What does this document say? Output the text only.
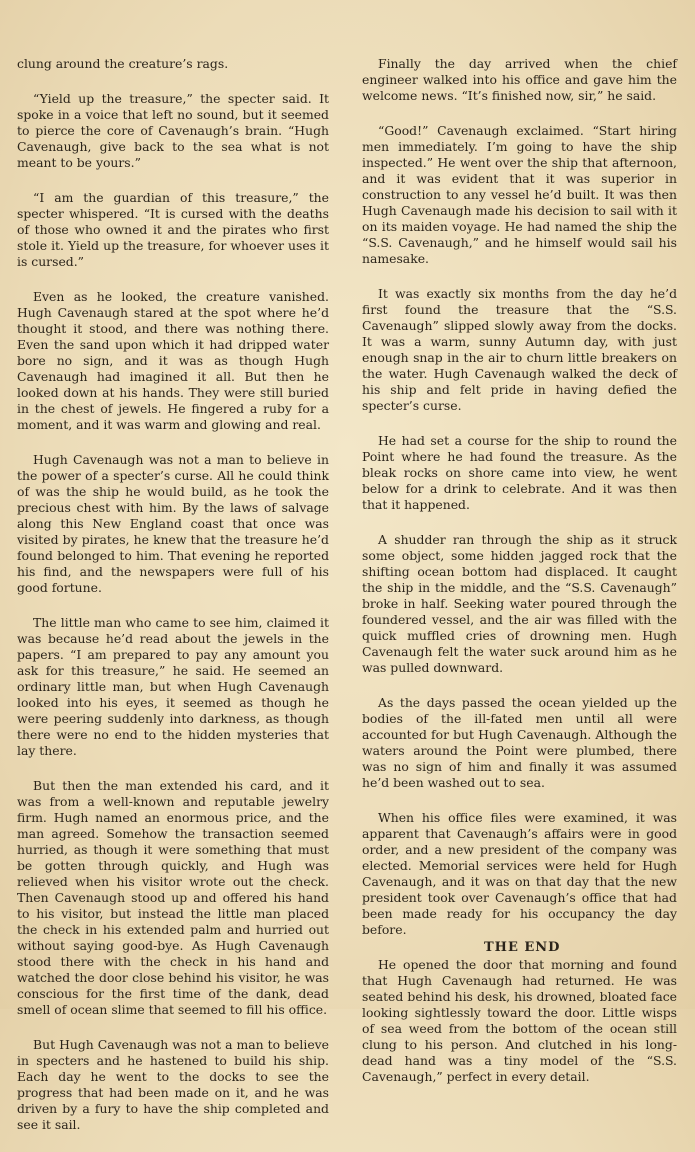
clung around the creature’s rags.

“Yield up the treasure,” the specter said. It spoke in a voice that left no sound, but it seemed to pierce the core of Cavenaugh’s brain. “Hugh Cavenaugh, give back to the sea what is not meant to be yours.”

“I am the guardian of this treasure,” the specter whispered. “It is cursed with the deaths of those who owned it and the pirates who first stole it. Yield up the treasure, for whoever uses it is cursed.”

Even as he looked, the creature vanished. Hugh Cavenaugh stared at the spot where he’d thought it stood, and there was nothing there. Even the sand upon which it had dripped water bore no sign, and it was as though Hugh Cavenaugh had imagined it all. But then he looked down at his hands. They were still buried in the chest of jewels. He fingered a ruby for a moment, and it was warm and glowing and real.

Hugh Cavenaugh was not a man to believe in the power of a specter’s curse. All he could think of was the ship he would build, as he took the precious chest with him. By the laws of salvage along this New England coast that once was visited by pirates, he knew that the treasure he’d found belonged to him. That evening he reported his find, and the newspapers were full of his good fortune.

The little man who came to see him, claimed it was because he’d read about the jewels in the papers. “I am prepared to pay any amount you ask for this treasure,” he said. He seemed an ordinary little man, but when Hugh Cavenaugh looked into his eyes, it seemed as though he were peering suddenly into darkness, as though there were no end to the hidden mysteries that lay there.

But then the man extended his card, and it was from a well-known and reputable jewelry firm. Hugh named an enormous price, and the man agreed. Somehow the transaction seemed hurried, as though it were something that must be gotten through quickly, and Hugh was relieved when his visitor wrote out the check. Then Cavenaugh stood up and offered his hand to his visitor, but instead the little man placed the check in his extended palm and hurried out without saying good-bye. As Hugh Cavenaugh stood there with the check in his hand and watched the door close behind his visitor, he was conscious for the first time of the dank, dead smell of ocean slime that seemed to fill his office.

But Hugh Cavenaugh was not a man to believe in specters and he hastened to build his ship. Each day he went to the docks to see the progress that had been made on it, and he was driven by a fury to have the ship completed and see it sail.

Finally the day arrived when the chief engineer walked into his office and gave him the welcome news. “It’s finished now, sir,” he said.

“Good!” Cavenaugh exclaimed. “Start hiring men immediately. I’m going to have the ship inspected.” He went over the ship that afternoon, and it was evident that it was superior in construction to any vessel he’d built. It was then Hugh Cavenaugh made his decision to sail with it on its maiden voyage. He had named the ship the “S.S. Cavenaugh,” and he himself would sail his namesake.

It was exactly six months from the day he’d first found the treasure that the “S.S. Cavenaugh” slipped slowly away from the docks. It was a warm, sunny Autumn day, with just enough snap in the air to churn little breakers on the water. Hugh Cavenaugh walked the deck of his ship and felt pride in having defied the specter’s curse.

He had set a course for the ship to round the Point where he had found the treasure. As the bleak rocks on shore came into view, he went below for a drink to celebrate. And it was then that it happened.

A shudder ran through the ship as it struck some object, some hidden jagged rock that the shifting ocean bottom had displaced. It caught the ship in the middle, and the “S.S. Cavenaugh” broke in half. Seeking water poured through the foundered vessel, and the air was filled with the quick muffled cries of drowning men. Hugh Cavenaugh felt the water suck around him as he was pulled downward.

As the days passed the ocean yielded up the bodies of the ill-fated men until all were accounted for but Hugh Cavenaugh. Although the waters around the Point were plumbed, there was no sign of him and finally it was assumed he’d been washed out to sea.

When his office files were examined, it was apparent that Cavenaugh’s affairs were in good order, and a new president of the company was elected. Memorial services were held for Hugh Cavenaugh, and it was on that day that the new president took over Cavenaugh’s office that had been made ready for his occupancy the day before.

He opened the door that morning and found that Hugh Cavenaugh had returned. He was seated behind his desk, his drowned, bloated face looking sightlessly toward the door. Little wisps of sea weed from the bottom of the ocean still clung to his person. And clutched in his long-dead hand was a tiny model of the “S.S. Cavenaugh,” perfect in every detail.

THE END
